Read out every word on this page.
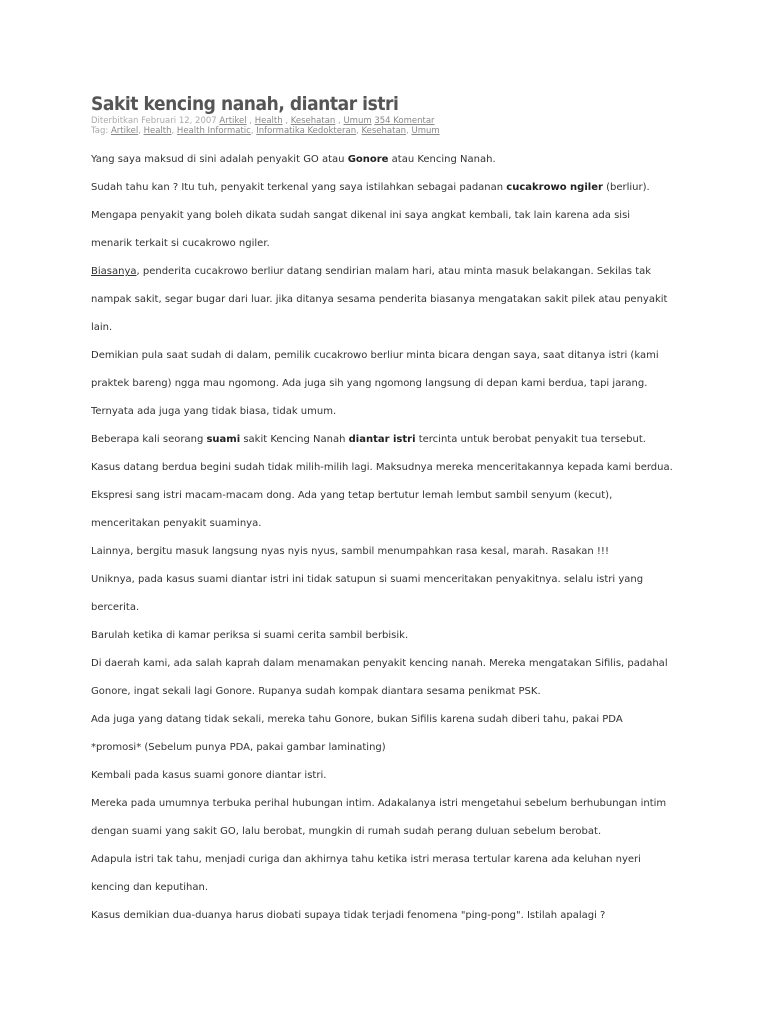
Sakit kencing nanah, diantar istri
Diterbitkan Februari 12, 2007 Artikel , Health , Kesehatan , Umum 354 Komentar
Tag: Artikel, Health, Health Informatic, Informatika Kedokteran, Kesehatan, Umum

Yang saya maksud di sini adalah penyakit GO atau Gonore atau Kencing Nanah.

Sudah tahu kan ? Itu tuh, penyakit terkenal yang saya istilahkan sebagai padanan cucakrowo ngiler (berliur).

Mengapa penyakit yang boleh dikata sudah sangat dikenal ini saya angkat kembali, tak lain karena ada sisi

menarik terkait si cucakrowo ngiler.

Biasanya, penderita cucakrowo berliur datang sendirian malam hari, atau minta masuk belakangan. Sekilas tak

nampak sakit, segar bugar dari luar. jika ditanya sesama penderita biasanya mengatakan sakit pilek atau penyakit

lain.

Demikian pula saat sudah di dalam, pemilik cucakrowo berliur minta bicara dengan saya, saat ditanya istri (kami

praktek bareng) ngga mau ngomong. Ada juga sih yang ngomong langsung di depan kami berdua, tapi jarang.

Ternyata ada juga yang tidak biasa, tidak umum.

Beberapa kali seorang suami sakit Kencing Nanah diantar istri tercinta untuk berobat penyakit tua tersebut.

Kasus datang berdua begini sudah tidak milih-milih lagi. Maksudnya mereka menceritakannya kepada kami berdua.

Ekspresi sang istri macam-macam dong. Ada yang tetap bertutur lemah lembut sambil senyum (kecut),

menceritakan penyakit suaminya.

Lainnya, bergitu masuk langsung nyas nyis nyus, sambil menumpahkan rasa kesal, marah. Rasakan !!!

Uniknya, pada kasus suami diantar istri ini tidak satupun si suami menceritakan penyakitnya. selalu istri yang

bercerita.

Barulah ketika di kamar periksa si suami cerita sambil berbisik.

Di daerah kami, ada salah kaprah dalam menamakan penyakit kencing nanah. Mereka mengatakan Sifilis, padahal

Gonore, ingat sekali lagi Gonore. Rupanya sudah kompak diantara sesama penikmat PSK.

Ada juga yang datang tidak sekali, mereka tahu Gonore, bukan Sifilis karena sudah diberi tahu, pakai PDA

*promosi* (Sebelum punya PDA, pakai gambar laminating)

Kembali pada kasus suami gonore diantar istri.

Mereka pada umumnya terbuka perihal hubungan intim. Adakalanya istri mengetahui sebelum berhubungan intim

dengan suami yang sakit GO, lalu berobat, mungkin di rumah sudah perang duluan sebelum berobat.

Adapula istri tak tahu, menjadi curiga dan akhirnya tahu ketika istri merasa tertular karena ada keluhan nyeri

kencing dan keputihan.

Kasus demikian dua-duanya harus diobati supaya tidak terjadi fenomena "ping-pong". Istilah apalagi ?
